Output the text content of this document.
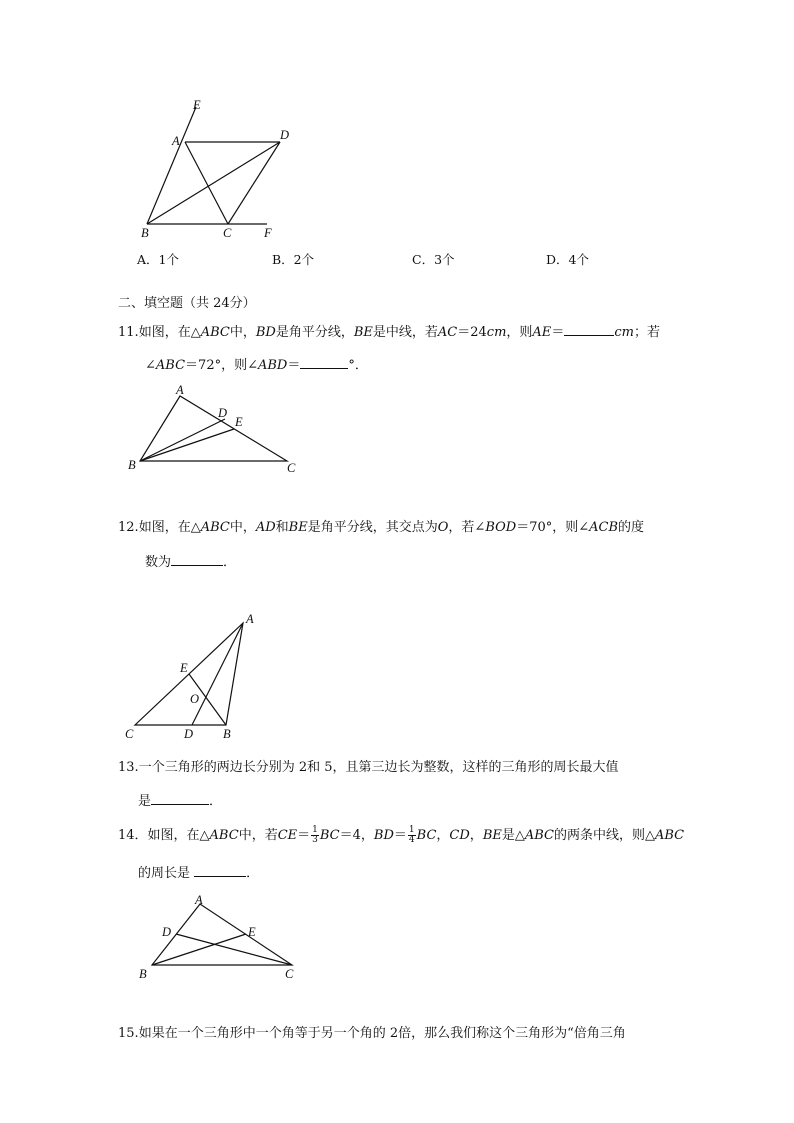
E
A	D
B	C	F
A．1个	B．2个	C．3个	D．4个
二、填空题（共 24分）
11.如图，在△ABC中，BD是角平分线，BE是中线，若AC＝24cm，则AE＝	cm；若
∠ABC＝72°，则∠ABD＝	°．
A
D
E
B	C
12.如图，在△ABC中，AD和BE是角平分线，其交点为O，若∠BOD＝70°，则∠ACB的度
数为	．
A
E
O
C	D B
13.一个三角形的两边长分别为 2和 5，且第三边长为整数，这样的三角形的周长最大值
是	．
14．如图，在△ABC中，若$CE= \frac{1}{3} BC=4$，$BD= \frac{1}{4}$ BC，CD，BE是△ABC的两条中线，则△ABC
的周长是	．
A
D	E
B	C
15.如果在一个三角形中一个角等于另一个角的 2倍，那么我们称这个三角形为“倍角三角
